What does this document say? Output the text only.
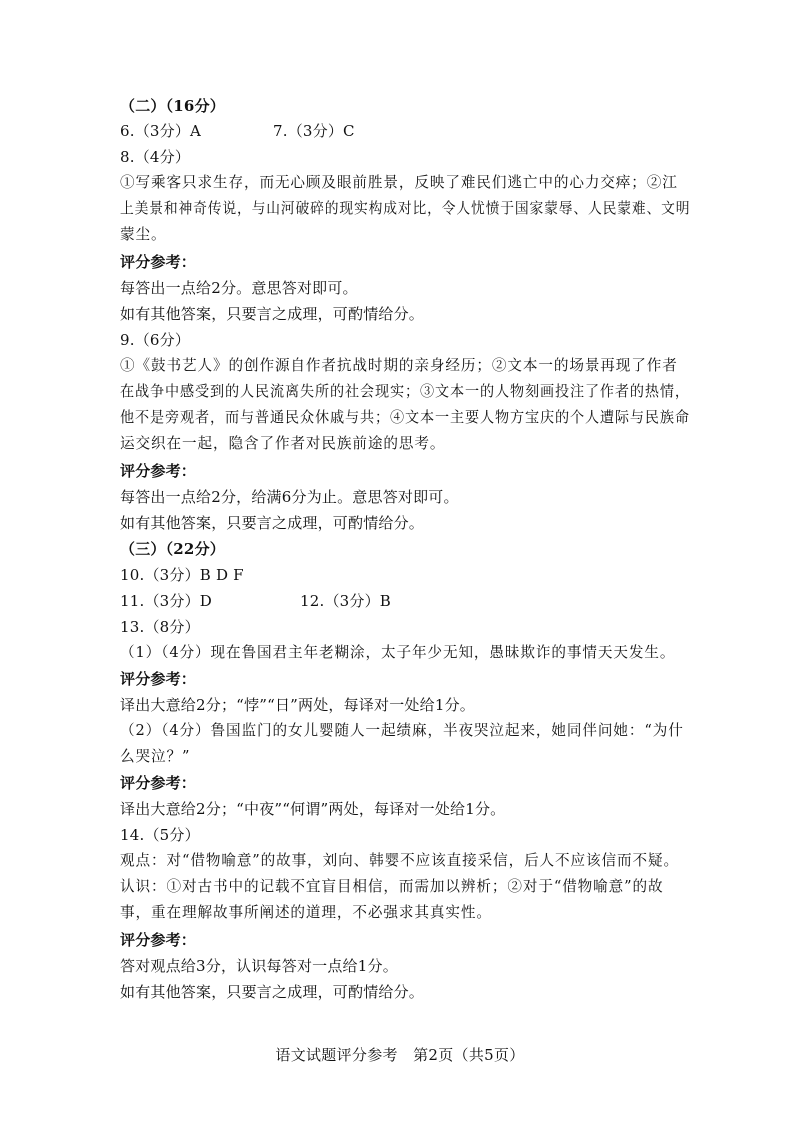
（二）（16分）
6.（3分）A	7.（3分）C
8.（4分）
①写乘客只求生存，而无心顾及眼前胜景，反映了难民们逃亡中的心力交瘁；②江
上美景和神奇传说，与山河破碎的现实构成对比，令人忧愤于国家蒙辱、人民蒙难、文明
蒙尘。
评分参考：
每答出一点给2分。意思答对即可。
如有其他答案，只要言之成理，可酌情给分。
9.（6分）
①《鼓书艺人》的创作源自作者抗战时期的亲身经历；②文本一的场景再现了作者
在战争中感受到的人民流离失所的社会现实；③文本一的人物刻画投注了作者的热情，
他不是旁观者，而与普通民众休戚与共；④文本一主要人物方宝庆的个人遭际与民族命
运交织在一起，隐含了作者对民族前途的思考。
评分参考：
每答出一点给2分，给满6分为止。意思答对即可。
如有其他答案，只要言之成理，可酌情给分。
（三）（22分）
10.（3分）B D F
11.（3分）D	12.（3分）B
13.（8分）
（1）（4分）现在鲁国君主年老糊涂，太子年少无知，愚昧欺诈的事情天天发生。
评分参考：
译出大意给2分；“悖”“日”两处，每译对一处给1分。
（2）（4分）鲁国监门的女儿婴随人一起绩麻，半夜哭泣起来，她同伴问她：“为什
么哭泣？”
评分参考：
译出大意给2分；“中夜”“何谓”两处，每译对一处给1分。
14.（5分）
观点：对“借物喻意”的故事，刘向、韩婴不应该直接采信，后人不应该信而不疑。
认识：①对古书中的记载不宜盲目相信，而需加以辨析；②对于“借物喻意”的故
事，重在理解故事所阐述的道理，不必强求其真实性。
评分参考：
答对观点给3分，认识每答对一点给1分。
如有其他答案，只要言之成理，可酌情给分。
语文试题评分参考　第2页（共5页）
